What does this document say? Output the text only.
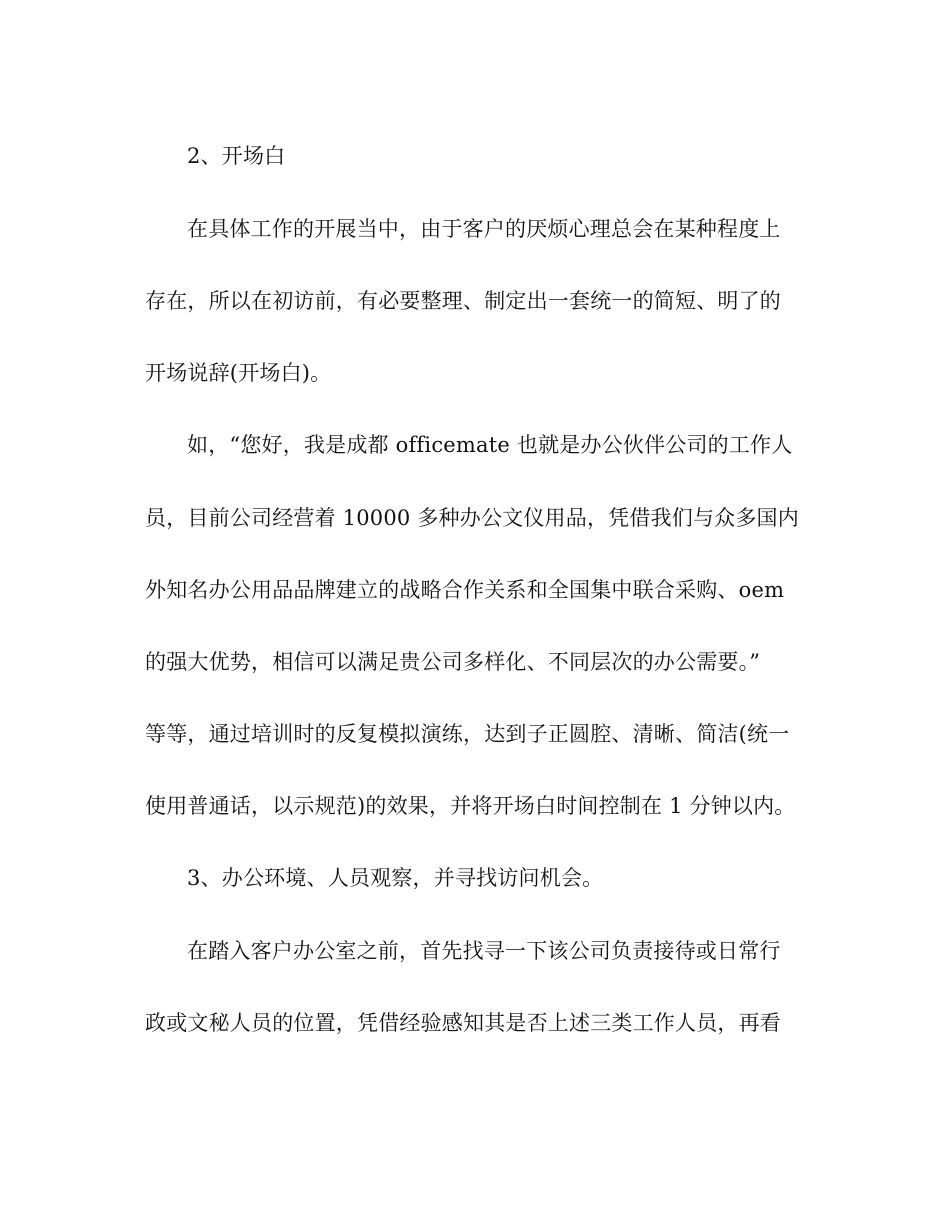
2、开场白
在具体工作的开展当中，由于客户的厌烦心理总会在某种程度上
存在，所以在初访前，有必要整理、制定出一套统一的简短、明了的
开场说辞(开场白)。
如，“您好，我是成都 officemate 也就是办公伙伴公司的工作人
员，目前公司经营着 10000 多种办公文仪用品，凭借我们与众多国内
外知名办公用品品牌建立的战略合作关系和全国集中联合采购、oem
的强大优势，相信可以满足贵公司多样化、不同层次的办公需要。”
等等，通过培训时的反复模拟演练，达到子正圆腔、清晰、简洁(统一
使用普通话，以示规范)的效果，并将开场白时间控制在 1 分钟以内。
3、办公环境、人员观察，并寻找访问机会。
在踏入客户办公室之前，首先找寻一下该公司负责接待或日常行
政或文秘人员的位置，凭借经验感知其是否上述三类工作人员，再看
